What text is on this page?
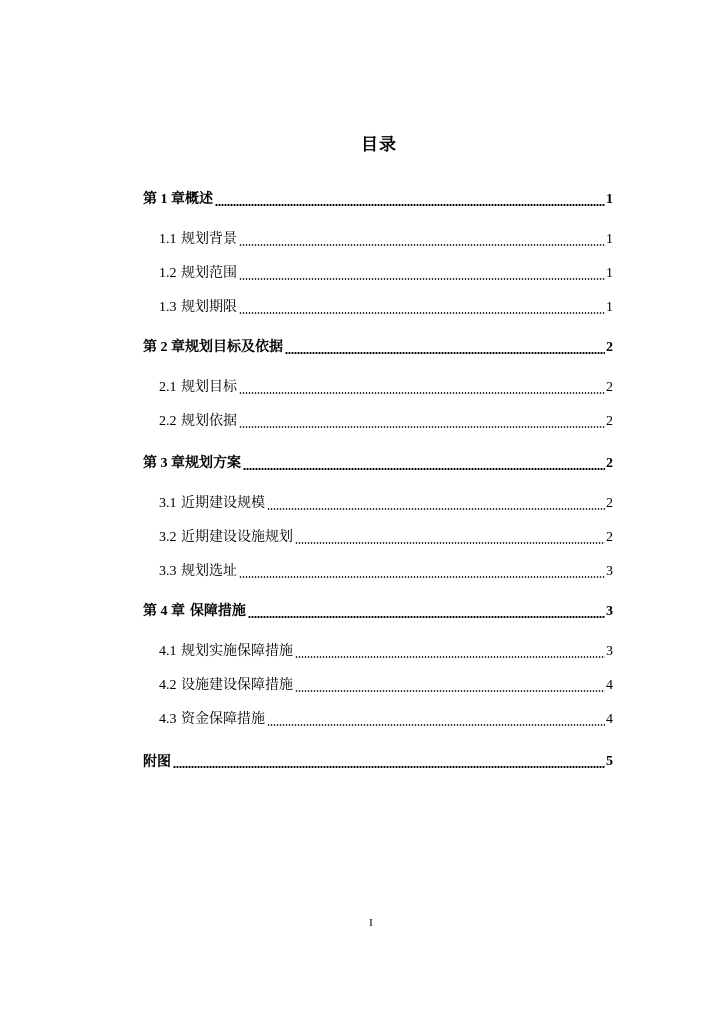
目录
第 1 章概述	1
1.1 规划背景	1
1.2 规划范围	1
1.3 规划期限	1
第 2 章规划目标及依据	2
2.1 规划目标	2
2.2 规划依据	2
第 3 章规划方案	2
3.1 近期建设规模	2
3.2 近期建设设施规划	2
3.3 规划选址	3
第 4 章 保障措施	3
4.1 规划实施保障措施	3
4.2 设施建设保障措施	4
4.3 资金保障措施	4
附图	5
I
